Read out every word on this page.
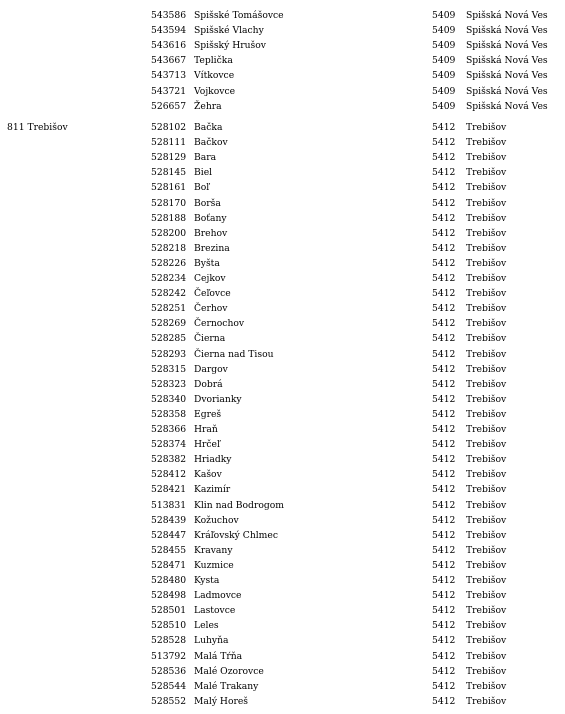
543586 Spišské Tomášovce	5409 Spišská Nová Ves
543594 Spišské Vlachy	5409 Spišská Nová Ves
543616 Spišský Hrušov	5409 Spišská Nová Ves
543667 Teplička	5409 Spišská Nová Ves
543713 Vítkovce	5409 Spišská Nová Ves
543721 Vojkovce	5409 Spišská Nová Ves
526657 Žehra	5409 Spišská Nová Ves
811 Trebišov	528102 Bačka	5412 Trebišov
528111 Bačkov	5412 Trebišov
528129 Bara	5412 Trebišov
528145 Biel	5412 Trebišov
528161 Boľ	5412 Trebišov
528170 Borša	5412 Trebišov
528188 Boťany	5412 Trebišov
528200 Brehov	5412 Trebišov
528218 Brezina	5412 Trebišov
528226 Byšta	5412 Trebišov
528234 Cejkov	5412 Trebišov
528242 Čeľovce	5412 Trebišov
528251 Čerhov	5412 Trebišov
528269 Černochov	5412 Trebišov
528285 Čierna	5412 Trebišov
528293 Čierna nad Tisou	5412 Trebišov
528315 Dargov	5412 Trebišov
528323 Dobrá	5412 Trebišov
528340 Dvorianky	5412 Trebišov
528358 Egreš	5412 Trebišov
528366 Hraň	5412 Trebišov
528374 Hrčeľ	5412 Trebišov
528382 Hriadky	5412 Trebišov
528412 Kašov	5412 Trebišov
528421 Kazimír	5412 Trebišov
513831 Klin nad Bodrogom	5412 Trebišov
528439 Kožuchov	5412 Trebišov
528447 Kráľovský Chlmec	5412 Trebišov
528455 Kravany	5412 Trebišov
528471 Kuzmice	5412 Trebišov
528480 Kysta	5412 Trebišov
528498 Ladmovce	5412 Trebišov
528501 Lastovce	5412 Trebišov
528510 Leles	5412 Trebišov
528528 Luhyňa	5412 Trebišov
513792 Malá Tŕňa	5412 Trebišov
528536 Malé Ozorovce	5412 Trebišov
528544 Malé Trakany	5412 Trebišov
528552 Malý Horeš	5412 Trebišov
